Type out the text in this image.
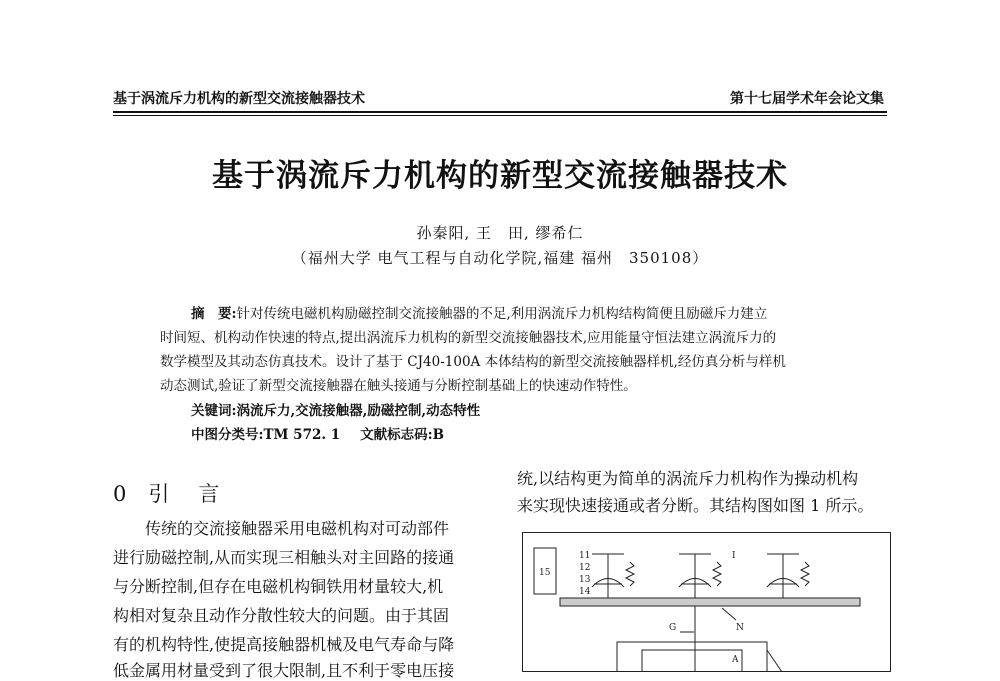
基于涡流斥力机构的新型交流接触器技术	第十七届学术年会论文集
基于涡流斥力机构的新型交流接触器技术
孙秦阳, 王　田, 缪希仁
（福州大学 电气工程与自动化学院,福建 福州　350108）
摘　要:针对传统电磁机构励磁控制交流接触器的不足,利用涡流斥力机构结构简便且励磁斥力建立
时间短、机构动作快速的特点,提出涡流斥力机构的新型交流接触器技术,应用能量守恒法建立涡流斥力的
数学模型及其动态仿真技术。设计了基于 CJ40-100A 本体结构的新型交流接触器样机,经仿真分析与样机
动态测试,验证了新型交流接触器在触头接通与分断控制基础上的快速动作特性。
关键词:涡流斥力,交流接触器,励磁控制,动态特性
中图分类号:TM 572. 1 文献标志码:B
0 引　言
传统的交流接触器采用电磁机构对可动部件
进行励磁控制,从而实现三相触头对主回路的接通
与分断控制,但存在电磁机构铜铁用材量较大,机
构相对复杂且动作分散性较大的问题。由于其固
有的机构特性,使提高接触器机械及电气寿命与降
低金属用材量受到了很大限制,且不利于零电压接
统,以结构更为简单的涡流斥力机构作为操动机构
来实现快速接通或者分断。其结构图如图 1 所示。
15
11
12
13
14
I
N
G
A
